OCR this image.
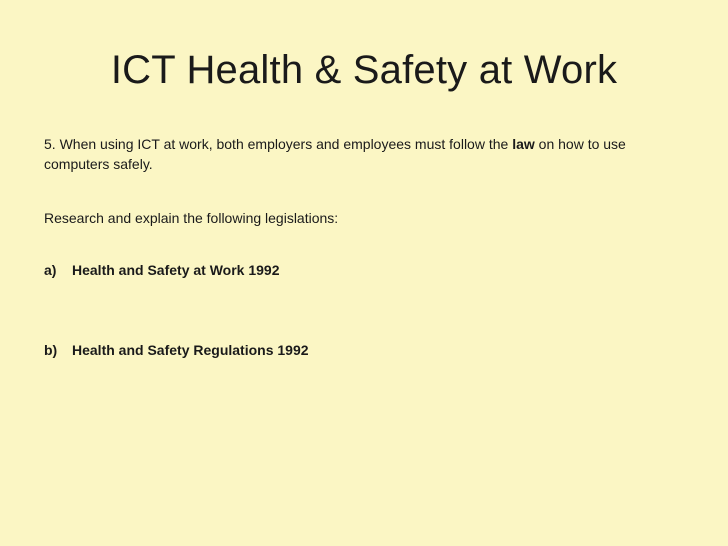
ICT Health & Safety at Work

5. When using ICT at work, both employers and employees must follow the law on how to use computers safely.

Research and explain the following legislations:

a)	Health and Safety at Work 1992
b)	Health and Safety Regulations 1992
